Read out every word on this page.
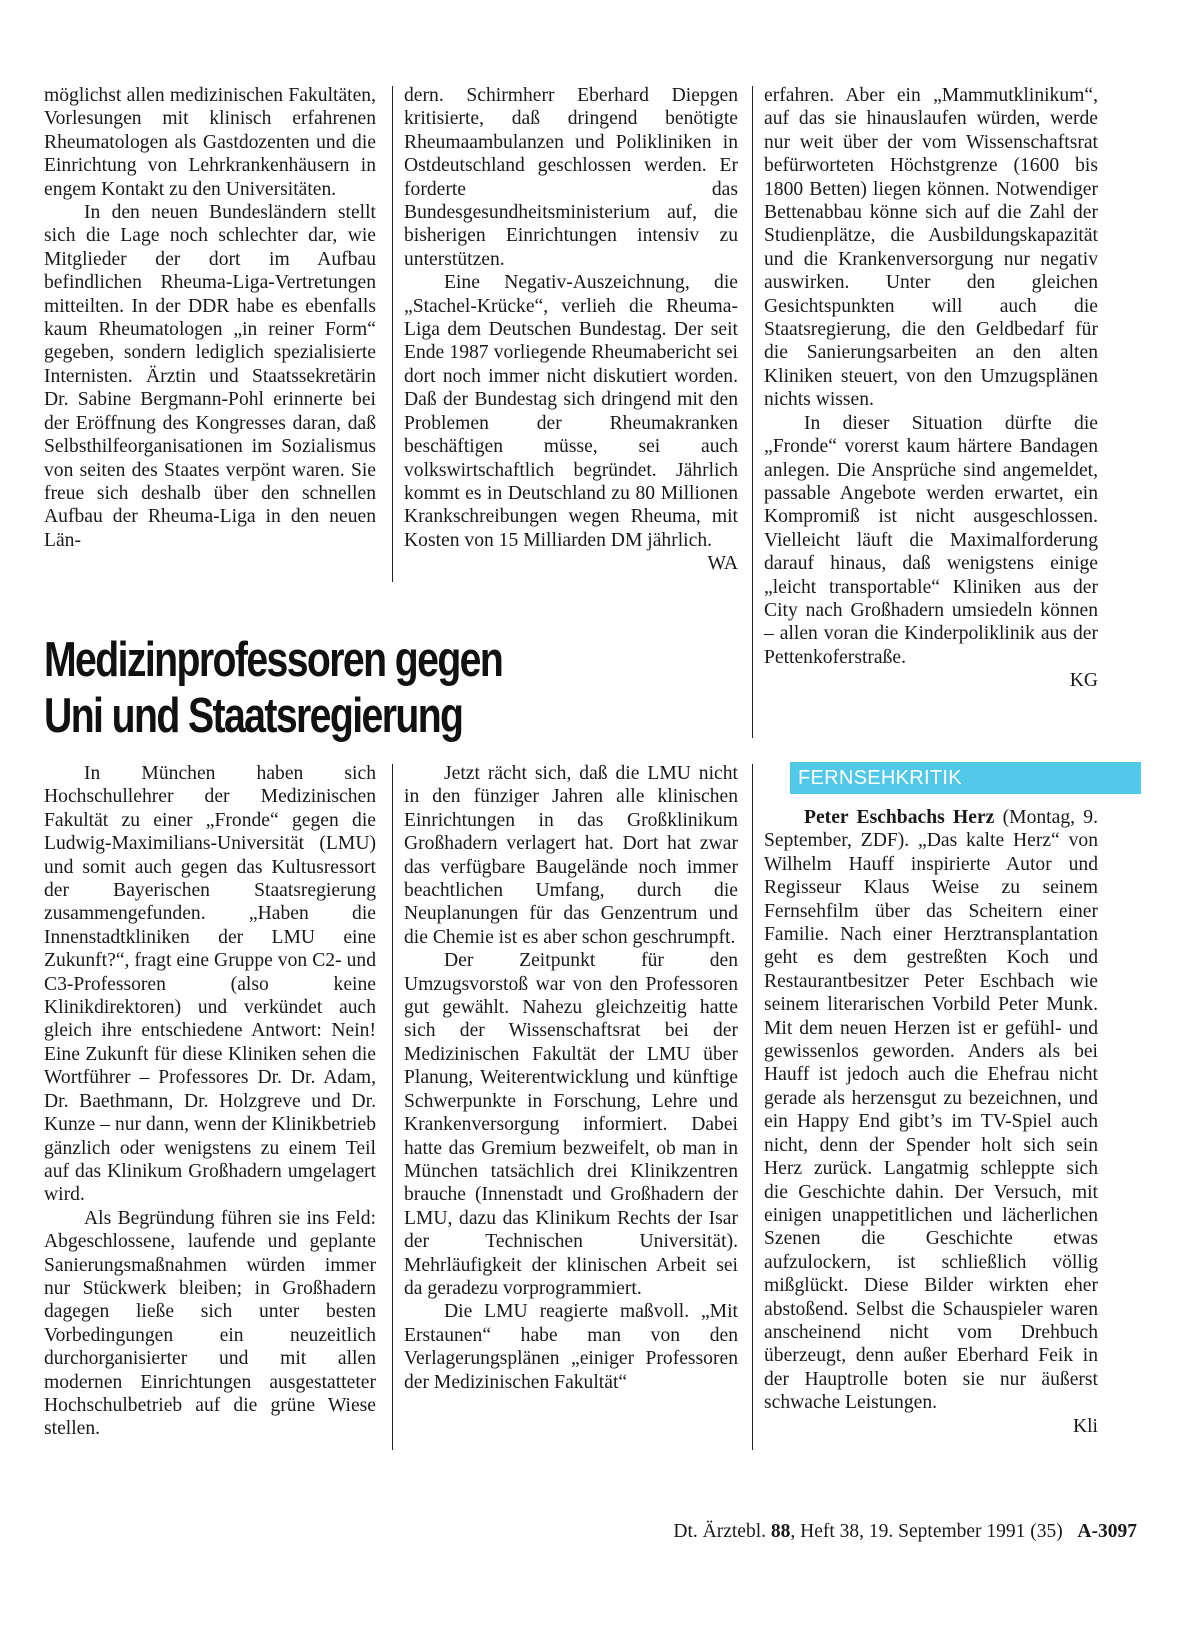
möglichst allen medizinischen Fakultäten, Vorlesungen mit klinisch erfahrenen Rheumatologen als Gastdozenten und die Einrichtung von Lehrkrankenhäusern in engem Kontakt zu den Universitäten.

In den neuen Bundesländern stellt sich die Lage noch schlechter dar, wie Mitglieder der dort im Aufbau befindlichen Rheuma-Liga-Vertretungen mitteilten. In der DDR habe es ebenfalls kaum Rheumatologen „in reiner Form“ gegeben, sondern lediglich spezialisierte Internisten. Ärztin und Staatssekretärin Dr. Sabine Bergmann-Pohl erinnerte bei der Eröffnung des Kongresses daran, daß Selbsthilfeorganisationen im Sozialismus von seiten des Staates verpönt waren. Sie freue sich deshalb über den schnellen Aufbau der Rheuma-Liga in den neuen Län-

dern. Schirmherr Eberhard Diepgen kritisierte, daß dringend benötigte Rheumaambulanzen und Polikliniken in Ostdeutschland geschlossen werden. Er forderte das Bundesgesundheitsministerium auf, die bisherigen Einrichtungen intensiv zu unterstützen.

Eine Negativ-Auszeichnung, die „Stachel-Krücke“, verlieh die Rheuma-Liga dem Deutschen Bundestag. Der seit Ende 1987 vorliegende Rheumabericht sei dort noch immer nicht diskutiert worden. Daß der Bundestag sich dringend mit den Problemen der Rheumakranken beschäftigen müsse, sei auch volkswirtschaftlich begründet. Jährlich kommt es in Deutschland zu 80 Millionen Krankschreibungen wegen Rheuma, mit Kosten von 15 Milliarden DM jährlich.

WA

erfahren. Aber ein „Mammutklinikum“, auf das sie hinauslaufen würden, werde nur weit über der vom Wissenschaftsrat befürworteten Höchstgrenze (1600 bis 1800 Betten) liegen können. Notwendiger Bettenabbau könne sich auf die Zahl der Studienplätze, die Ausbildungskapazität und die Krankenversorgung nur negativ auswirken. Unter den gleichen Gesichtspunkten will auch die Staatsregierung, die den Geldbedarf für die Sanierungsarbeiten an den alten Kliniken steuert, von den Umzugsplänen nichts wissen.

In dieser Situation dürfte die „Fronde“ vorerst kaum härtere Bandagen anlegen. Die Ansprüche sind angemeldet, passable Angebote werden erwartet, ein Kompromiß ist nicht ausgeschlossen. Vielleicht läuft die Maximalforderung darauf hinaus, daß wenigstens einige „leicht transportable“ Kliniken aus der City nach Großhadern umsiedeln können – allen voran die Kinderpoliklinik aus der Pettenkoferstraße.

KG

Medizinprofessoren gegen
Uni und Staatsregierung

In München haben sich Hochschullehrer der Medizinischen Fakultät zu einer „Fronde“ gegen die Ludwig-Maximilians-Universität (LMU) und somit auch gegen das Kultusressort der Bayerischen Staatsregierung zusammengefunden. „Haben die Innenstadtkliniken der LMU eine Zukunft?“, fragt eine Gruppe von C2- und C3-Professoren (also keine Klinikdirektoren) und verkündet auch gleich ihre entschiedene Antwort: Nein! Eine Zukunft für diese Kliniken sehen die Wortführer – Professores Dr. Dr. Adam, Dr. Baethmann, Dr. Holzgreve und Dr. Kunze – nur dann, wenn der Klinikbetrieb gänzlich oder wenigstens zu einem Teil auf das Klinikum Großhadern umgelagert wird.

Als Begründung führen sie ins Feld: Abgeschlossene, laufende und geplante Sanierungsmaßnahmen würden immer nur Stückwerk bleiben; in Großhadern dagegen ließe sich unter besten Vorbedingungen ein neuzeitlich durchorganisierter und mit allen modernen Einrichtungen ausgestatteter Hochschulbetrieb auf die grüne Wiese stellen.

Jetzt rächt sich, daß die LMU nicht in den fünziger Jahren alle klinischen Einrichtungen in das Großklinikum Großhadern verlagert hat. Dort hat zwar das verfügbare Baugelände noch immer beachtlichen Umfang, durch die Neuplanungen für das Genzentrum und die Chemie ist es aber schon geschrumpft.

Der Zeitpunkt für den Umzugsvorstoß war von den Professoren gut gewählt. Nahezu gleichzeitig hatte sich der Wissenschaftsrat bei der Medizinischen Fakultät der LMU über Planung, Weiterentwicklung und künftige Schwerpunkte in Forschung, Lehre und Krankenversorgung informiert. Dabei hatte das Gremium bezweifelt, ob man in München tatsächlich drei Klinikzentren brauche (Innenstadt und Großhadern der LMU, dazu das Klinikum Rechts der Isar der Technischen Universität). Mehrläufigkeit der klinischen Arbeit sei da geradezu vorprogrammiert.

Die LMU reagierte maßvoll. „Mit Erstaunen“ habe man von den Verlagerungsplänen „einiger Professoren der Medizinischen Fakultät“

FERNSEHKRITIK

Peter Eschbachs Herz (Montag, 9. September, ZDF). „Das kalte Herz“ von Wilhelm Hauff inspirierte Autor und Regisseur Klaus Weise zu seinem Fernsehfilm über das Scheitern einer Familie. Nach einer Herztransplantation geht es dem gestreßten Koch und Restaurantbesitzer Peter Eschbach wie seinem literarischen Vorbild Peter Munk. Mit dem neuen Herzen ist er gefühl- und gewissenlos geworden. Anders als bei Hauff ist jedoch auch die Ehefrau nicht gerade als herzensgut zu bezeichnen, und ein Happy End gibt’s im TV-Spiel auch nicht, denn der Spender holt sich sein Herz zurück. Langatmig schleppte sich die Geschichte dahin. Der Versuch, mit einigen unappetitlichen und lächerlichen Szenen die Geschichte etwas aufzulockern, ist schließlich völlig mißglückt. Diese Bilder wirkten eher abstoßend. Selbst die Schauspieler waren anscheinend nicht vom Drehbuch überzeugt, denn außer Eberhard Feik in der Hauptrolle boten sie nur äußerst schwache Leistungen.

Kli

Dt. Ärztebl. 88, Heft 38, 19. September 1991 (35) A-3097
